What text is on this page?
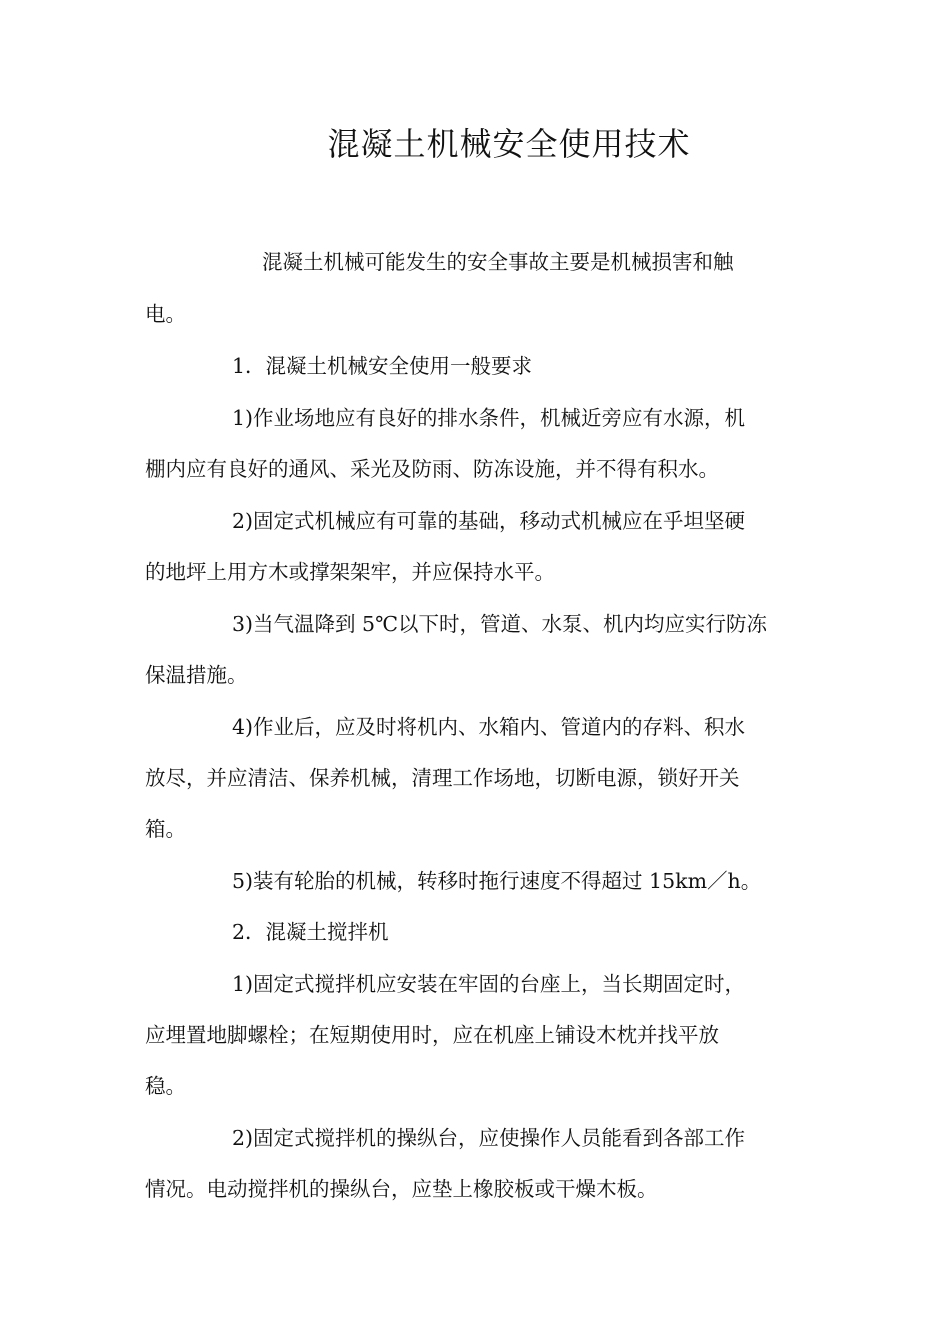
混凝土机械安全使用技术
混凝土机械可能发生的安全事故主要是机械损害和触
电。
1．混凝土机械安全使用一般要求
1)作业场地应有良好的排水条件，机械近旁应有水源，机
棚内应有良好的通风、采光及防雨、防冻设施，并不得有积水。
2)固定式机械应有可靠的基础，移动式机械应在乎坦坚硬
的地坪上用方木或撑架架牢，并应保持水平。
3)当气温降到 5℃以下时，管道、水泵、机内均应实行防冻
保温措施。
4)作业后，应及时将机内、水箱内、管道内的存料、积水
放尽，并应清洁、保养机械，清理工作场地，切断电源，锁好开关
箱。
5)装有轮胎的机械，转移时拖行速度不得超过 15km／h。
2．混凝土搅拌机
1)固定式搅拌机应安装在牢固的台座上，当长期固定时，
应埋置地脚螺栓；在短期使用时，应在机座上铺设木枕并找平放
稳。
2)固定式搅拌机的操纵台，应使操作人员能看到各部工作
情况。电动搅拌机的操纵台，应垫上橡胶板或干燥木板。
